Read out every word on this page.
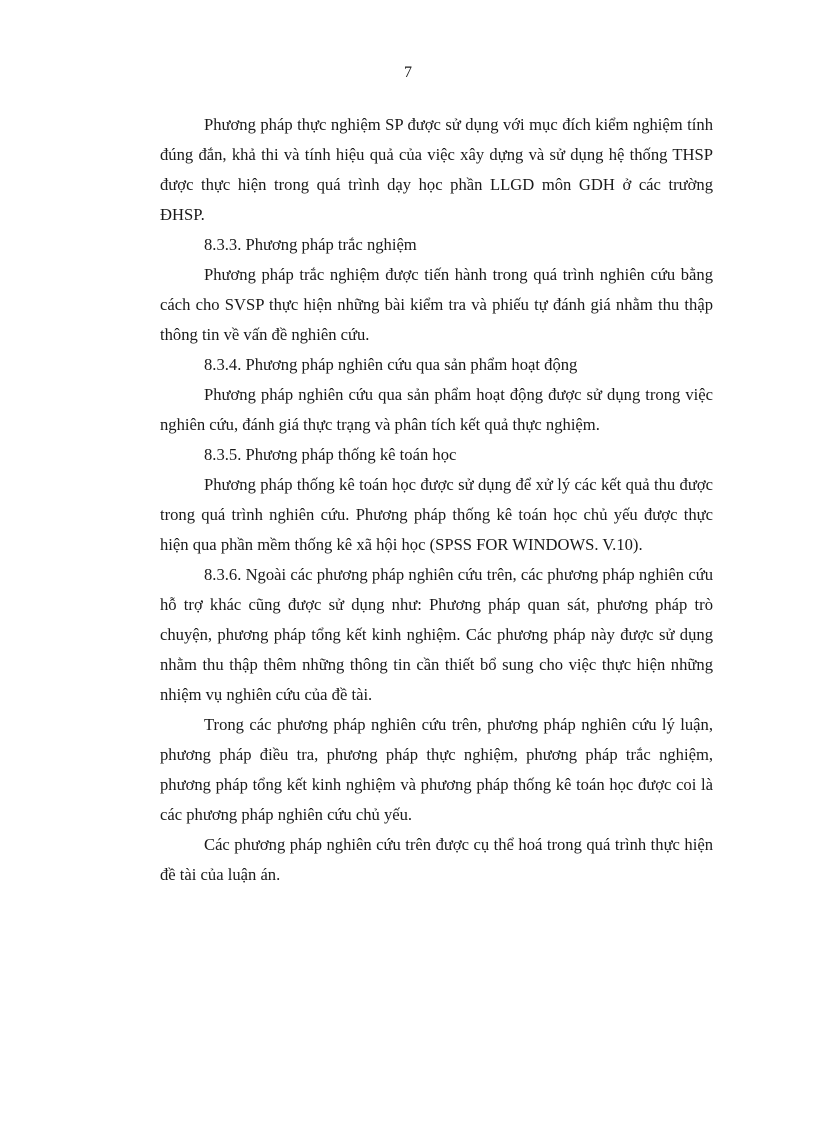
7

Phương pháp thực nghiệm SP được sử dụng với mục đích kiểm nghiệm tính đúng đắn, khả thi và tính hiệu quả của việc xây dựng và sử dụng hệ thống THSP được thực hiện trong quá trình dạy học phần LLGD môn GDH ở các trường ĐHSP.

8.3.3. Phương pháp trắc nghiệm

Phương pháp trắc nghiệm được tiến hành trong quá trình nghiên cứu bằng cách cho SVSP thực hiện những bài kiểm tra và phiếu tự đánh giá nhằm thu thập thông tin về vấn đề nghiên cứu.

8.3.4. Phương pháp nghiên cứu qua sản phẩm hoạt động

Phương pháp nghiên cứu qua sản phẩm hoạt động được sử dụng trong việc nghiên cứu, đánh giá thực trạng và phân tích kết quả thực nghiệm.

8.3.5. Phương pháp thống kê toán học

Phương pháp thống kê toán học được sử dụng để xử lý các kết quả thu được trong quá trình nghiên cứu. Phương pháp thống kê toán học chủ yếu được thực hiện qua phần mềm thống kê xã hội học (SPSS FOR WINDOWS. V.10).

8.3.6. Ngoài các phương pháp nghiên cứu trên, các phương pháp nghiên cứu hỗ trợ khác cũng được sử dụng như: Phương pháp quan sát, phương pháp trò chuyện, phương pháp tổng kết kinh nghiệm. Các phương pháp này được sử dụng nhằm thu thập thêm những thông tin cần thiết bổ sung cho việc thực hiện những nhiệm vụ nghiên cứu của đề tài.

Trong các phương pháp nghiên cứu trên, phương pháp nghiên cứu lý luận, phương pháp điều tra, phương pháp thực nghiệm, phương pháp trắc nghiệm, phương pháp tổng kết kinh nghiệm và phương pháp thống kê toán học được coi là các phương pháp nghiên cứu chủ yếu.

Các phương pháp nghiên cứu trên được cụ thể hoá trong quá trình thực hiện đề tài của luận án.
